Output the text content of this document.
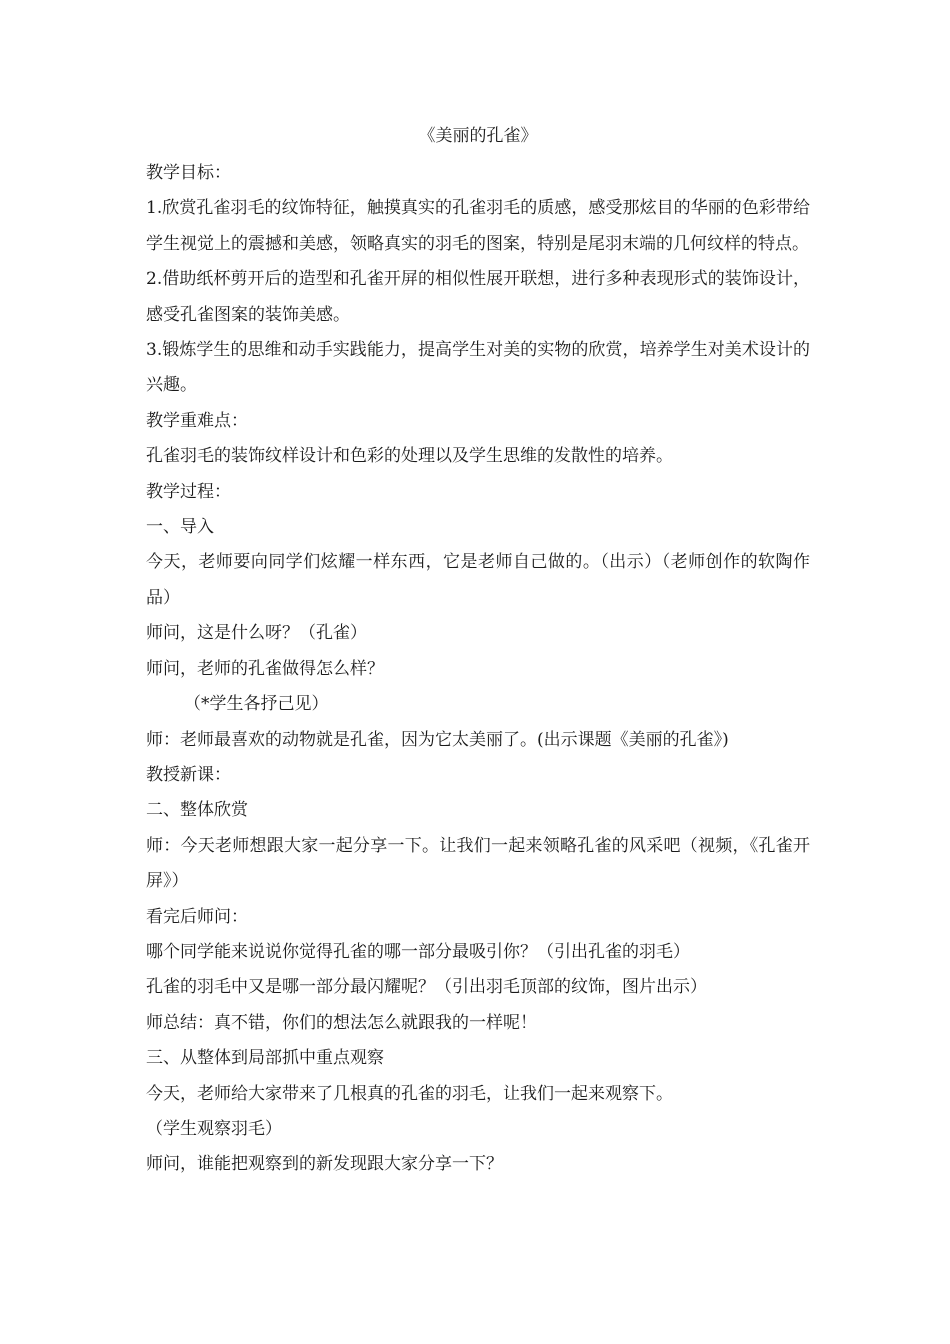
《美丽的孔雀》

教学目标：

1.欣赏孔雀羽毛的纹饰特征，触摸真实的孔雀羽毛的质感，感受那炫目的华丽的色彩带给学生视觉上的震撼和美感，领略真实的羽毛的图案，特别是尾羽末端的几何纹样的特点。

2.借助纸杯剪开后的造型和孔雀开屏的相似性展开联想，进行多种表现形式的装饰设计，感受孔雀图案的装饰美感。

3.锻炼学生的思维和动手实践能力，提高学生对美的实物的欣赏，培养学生对美术设计的兴趣。

教学重难点：

孔雀羽毛的装饰纹样设计和色彩的处理以及学生思维的发散性的培养。

教学过程：

一、导入

今天，老师要向同学们炫耀一样东西，它是老师自己做的。（出示）（老师创作的软陶作品）

师问，这是什么呀？（孔雀）

师问，老师的孔雀做得怎么样？

（*学生各抒己见）

师：老师最喜欢的动物就是孔雀，因为它太美丽了。(出示课题《美丽的孔雀》)

教授新课：

二、整体欣赏

师：今天老师想跟大家一起分享一下。让我们一起来领略孔雀的风采吧（视频，《孔雀开屏》）

看完后师问：

哪个同学能来说说你觉得孔雀的哪一部分最吸引你？（引出孔雀的羽毛）

孔雀的羽毛中又是哪一部分最闪耀呢？（引出羽毛顶部的纹饰，图片出示）

师总结：真不错，你们的想法怎么就跟我的一样呢！

三、从整体到局部抓中重点观察

今天，老师给大家带来了几根真的孔雀的羽毛，让我们一起来观察下。

（学生观察羽毛）

师问，谁能把观察到的新发现跟大家分享一下？
